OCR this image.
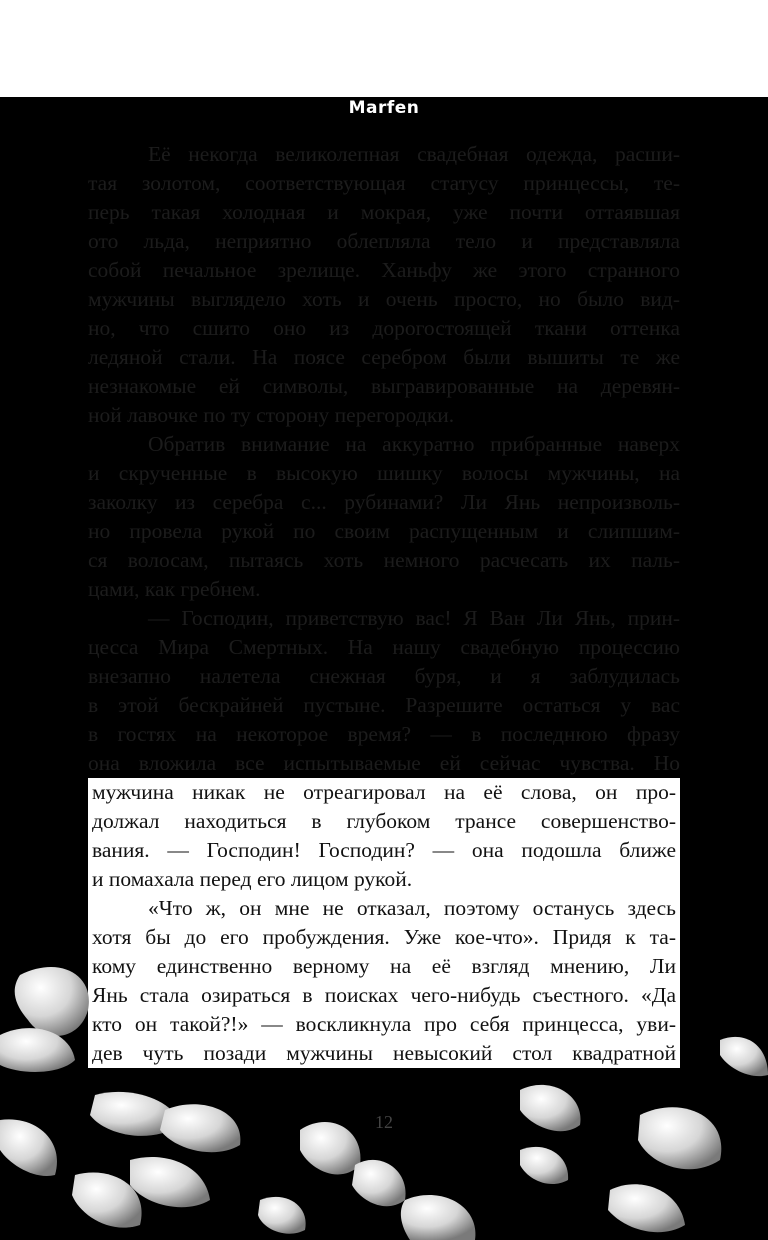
Marfen
Её некогда великолепная свадебная одежда, расши-
тая золотом, соответствующая статусу принцессы, те-
перь такая холодная и мокрая, уже почти оттаявшая
ото льда, неприятно облепляла тело и представляла
собой печальное зрелище. Ханьфу же этого странного
мужчины выглядело хоть и очень просто, но было вид-
но, что сшито оно из дорогостоящей ткани оттенка
ледяной стали. На поясе серебром были вышиты те же
незнакомые ей символы, выгравированные на деревян-
ной лавочке по ту сторону перегородки.
Обратив внимание на аккуратно прибранные наверх
и скрученные в высокую шишку волосы мужчины, на
заколку из серебра с... рубинами? Ли Янь непроизволь-
но провела рукой по своим распущенным и слипшим-
ся волосам, пытаясь хоть немного расчесать их паль-
цами, как гребнем.
— Господин, приветствую вас! Я Ван Ли Янь, прин-
цесса Мира Смертных. На нашу свадебную процессию
внезапно налетела снежная буря, и я заблудилась
в этой бескрайней пустыне. Разрешите остаться у вас
в гостях на некоторое время? — в последнюю фразу
она вложила все испытываемые ей сейчас чувства. Но
мужчина никак не отреагировал на её слова, он про-
должал находиться в глубоком трансе совершенство-
вания. — Господин! Господин? — она подошла ближе
и помахала перед его лицом рукой.
«Что ж, он мне не отказал, поэтому останусь здесь
хотя бы до его пробуждения. Уже кое-что». Придя к та-
кому единственно верному на её взгляд мнению, Ли
Янь стала озираться в поисках чего-нибудь съестного. «Да
кто он такой?!» — воскликнула про себя принцесса, уви-
дев чуть позади мужчины невысокий стол квадратной
12
